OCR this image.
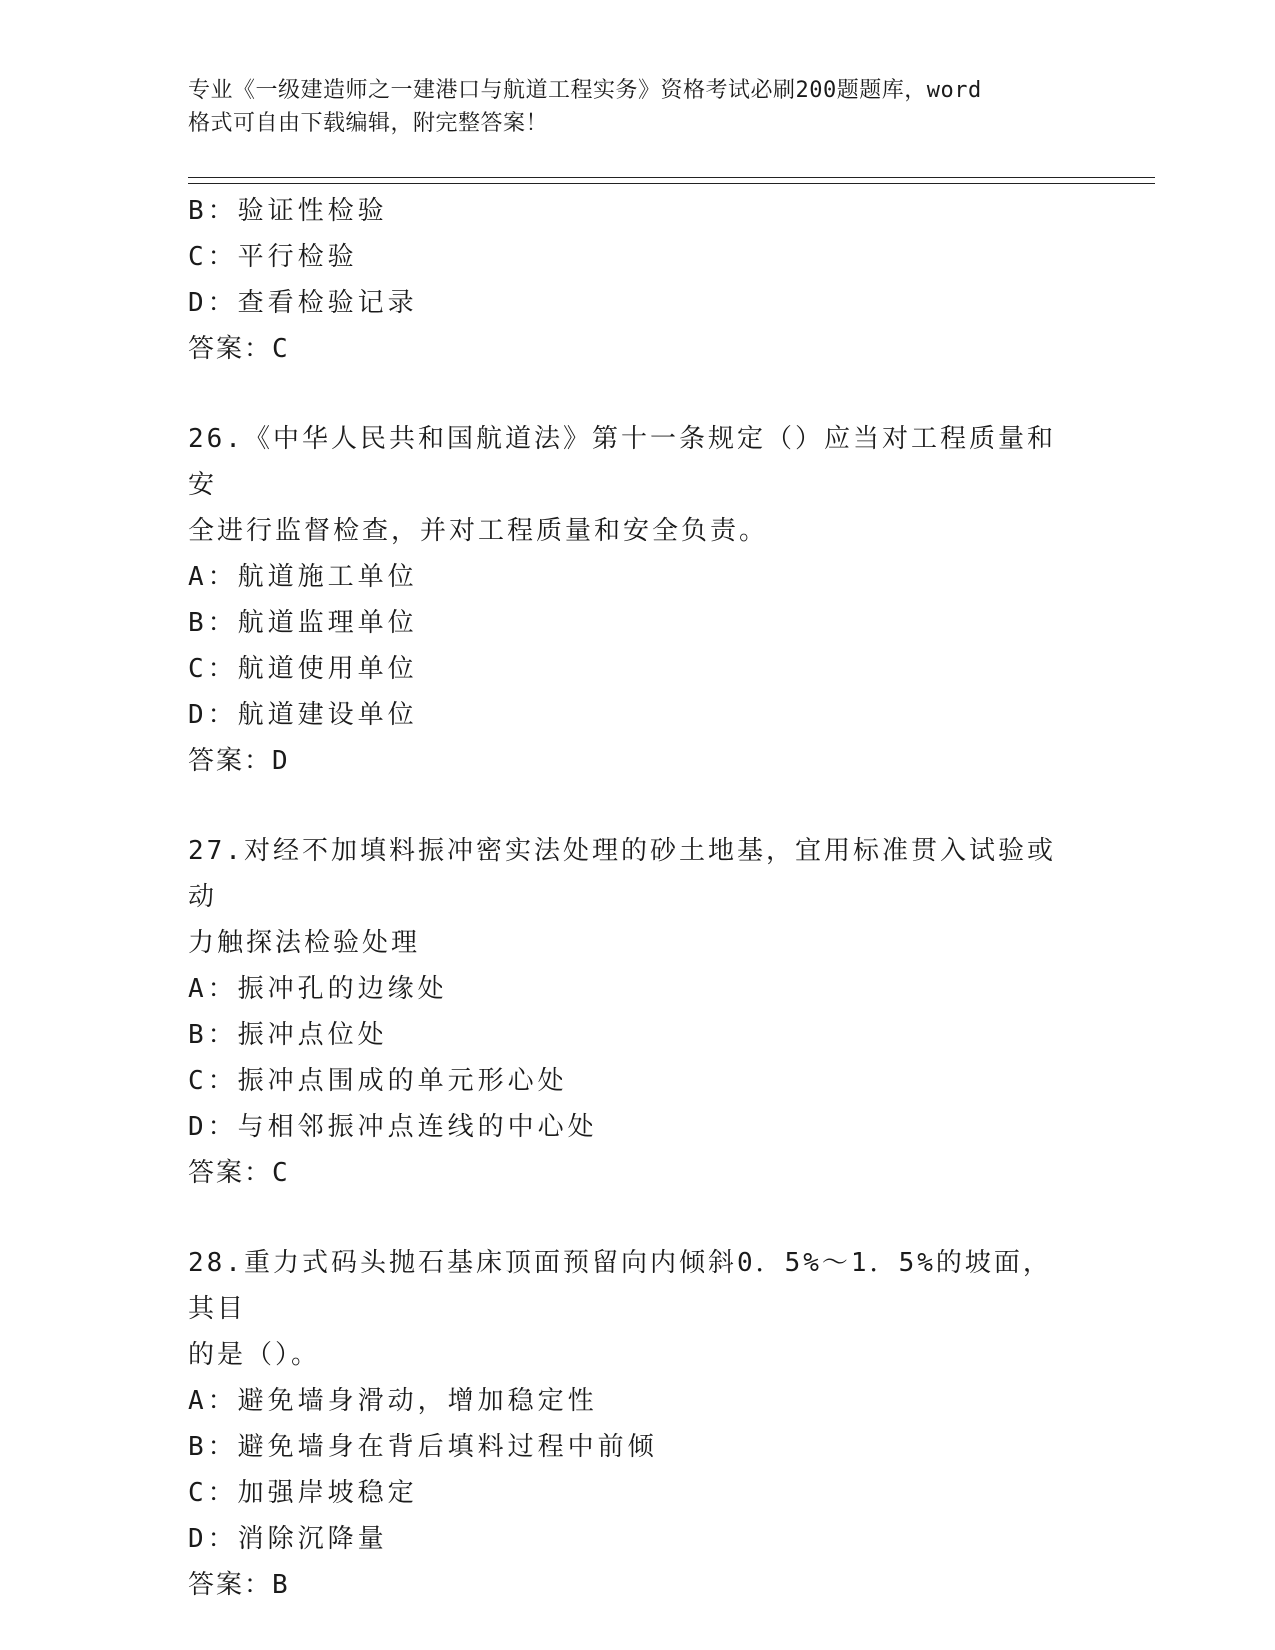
专业《一级建造师之一建港口与航道工程实务》资格考试必刷200题题库，word
格式可自由下载编辑，附完整答案！
B：验证性检验
C：平行检验
D：查看检验记录
答案：C
26.《中华人民共和国航道法》第十一条规定（）应当对工程质量和安
全进行监督检查，并对工程质量和安全负责。
A：航道施工单位
B：航道监理单位
C：航道使用单位
D：航道建设单位
答案：D
27.对经不加填料振冲密实法处理的砂土地基，宜用标准贯入试验或动
力触探法检验处理
A：振冲孔的边缘处
B：振冲点位处
C：振冲点围成的单元形心处
D：与相邻振冲点连线的中心处
答案：C
28.重力式码头抛石基床顶面预留向内倾斜0．5%～1．5%的坡面，其目
的是（）。
A：避免墙身滑动，增加稳定性
B：避免墙身在背后填料过程中前倾
C：加强岸坡稳定
D：消除沉降量
答案：B
